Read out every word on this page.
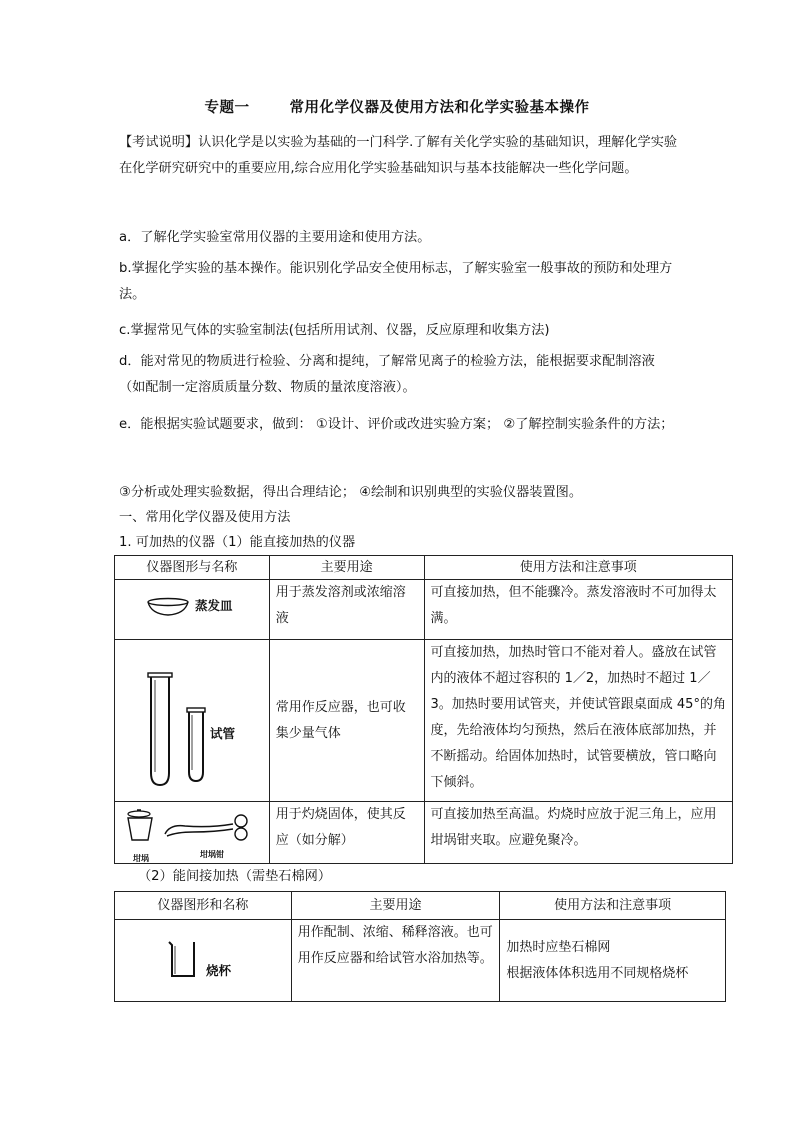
专题一	常用化学仪器及使用方法和化学实验基本操作
【考试说明】认识化学是以实验为基础的一门科学.了解有关化学实验的基础知识，理解化学实验在化学研究研究中的重要应用,综合应用化学实验基础知识与基本技能解决一些化学问题。
a．了解化学实验室常用仪器的主要用途和使用方法。
b.掌握化学实验的基本操作。能识别化学品安全使用标志，了解实验室一般事故的预防和处理方法。
c.掌握常见气体的实验室制法(包括所用试剂、仪器，反应原理和收集方法)
d．能对常见的物质进行检验、分离和提纯，了解常见离子的检验方法，能根据要求配制溶液（如配制一定溶质质量分数、物质的量浓度溶液）。
e．能根据实验试题要求，做到： ①设计、评价或改进实验方案； ②了解控制实验条件的方法；
③分析或处理实验数据，得出合理结论； ④绘制和识别典型的实验仪器装置图。
一、常用化学仪器及使用方法
1. 可加热的仪器（1）能直接加热的仪器
仪器图形与名称	主要用途	使用方法和注意事项

蒸发皿	用于蒸发溶剂或浓缩溶液	可直接加热，但不能骤冷。蒸发溶液时不可加得太满。

试管	常用作反应器，也可收集少量气体	可直接加热，加热时管口不能对着人。盛放在试管内的液体不超过容积的 1／2，加热时不超过 1／3。加热时要用试管夹，并使试管跟桌面成 45°的角度，先给液体均匀预热，然后在液体底部加热，并不断摇动。给固体加热时，试管要横放，管口略向下倾斜。

坩埚 坩埚钳	用于灼烧固体，使其反应（如分解）	可直接加热至高温。灼烧时应放于泥三角上，应用坩埚钳夹取。应避免聚冷。
（2）能间接加热（需垫石棉网）
仪器图形和名称	主要用途	使用方法和注意事项

烧杯	用作配制、浓缩、稀释溶液。也可用作反应器和给试管水浴加热等。	加热时应垫石棉网
根据液体体积选用不同规格烧杯
